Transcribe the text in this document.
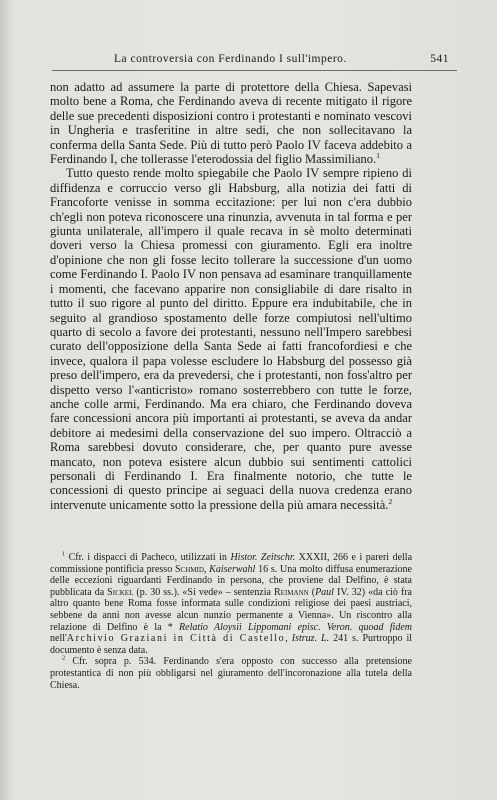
La controversia con Ferdinando I sull'impero.	541

non adatto ad assumere la parte di protettore della Chiesa. Sapevasi molto bene a Roma, che Ferdinando aveva di recente mitigato il rigore delle sue precedenti disposizioni contro i protestanti e nominato vescovi in Ungheria e trasferitine in altre sedi, che non sollecitavano la conferma della Santa Sede. Più di tutto però Paolo IV faceva addebito a Ferdinando I, che tollerasse l'eterodossia del figlio Massimiliano.$^1$

Tutto questo rende molto spiegabile che Paolo IV sempre ripieno di diffidenza e corruccio verso gli Habsburg, alla notizia dei fatti di Francoforte venisse in somma eccitazione: per lui non c'era dubbio ch'egli non poteva riconoscere una rinunzia, avvenuta in tal forma e per giunta unilaterale, all'impero il quale recava in sè molto determinati doveri verso la Chiesa promessi con giuramento. Egli era inoltre d'opinione che non gli fosse lecito tollerare la successione d'un uomo come Ferdinando I. Paolo IV non pensava ad esaminare tranquillamente i momenti, che facevano apparire non consigliabile di dare risalto in tutto il suo rigore al punto del diritto. Eppure era indubitabile, che in seguito al grandioso spostamento delle forze compiutosi nell'ultimo quarto di secolo a favore dei protestanti, nessuno nell'Impero sarebbesi curato dell'opposizione della Santa Sede ai fatti francofordiesi e che invece, qualora il papa volesse escludere lo Habsburg del possesso già preso dell'impero, era da prevedersi, che i protestanti, non foss'altro per dispetto verso l'«anticristo» romano sosterrebbero con tutte le forze, anche colle armi, Ferdinando. Ma era chiaro, che Ferdinando doveva fare concessioni ancora più importanti ai protestanti, se aveva da andar debitore ai medesimi della conservazione del suo impero. Oltracciò a Roma sarebbesi dovuto considerare, che, per quanto pure avesse mancato, non poteva esistere alcun dubbio sui sentimenti cattolici personali di Ferdinando I. Era finalmente notorio, che tutte le concessioni di questo principe ai seguaci della nuova credenza erano intervenute unicamente sotto la pressione della più amara necessità.$^2$

$^1$ Cfr. i dispacci di Pacheco, utilizzati in Histor. Zeitschr. XXXII, 266 e i pareri della commissione pontificia presso Schmid, Kaiserwahl 16 s. Una molto diffusa enumerazione delle eccezioni riguardanti Ferdinando in persona, che proviene dal Delfino, è stata pubblicata da Sickel (p. 30 ss.). «Si vede» – sentenzia Reimann (Paul IV. 32) «da ciò fra altro quanto bene Roma fosse informata sulle condizioni religiose dei paesi austriaci, sebbene da anni non avesse alcun nunzio permanente a Vienna». Un riscontro alla relazione di Delfino è la * Relatio Aloysii Lippomani episc. Veron. quoad fidem nell'Archivio Graziani in Città di Castello, Istruz. L. 241 s. Purtroppo il documento è senza data.

$^2$ Cfr. sopra p. 534. Ferdinando s'era opposto con successo alla pretensione protestantica di non più obbligarsi nel giuramento dell'incoronazione alla tutela della Chiesa.
